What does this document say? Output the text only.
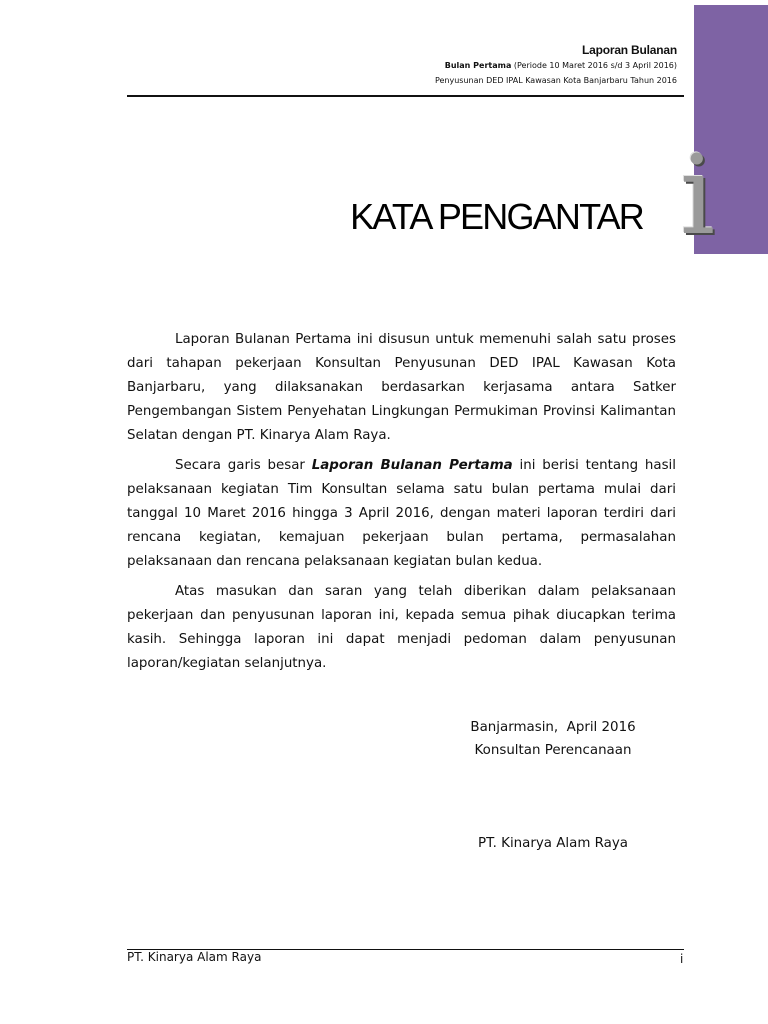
Laporan Bulanan
Bulan Pertama (Periode 10 Maret 2016 s/d 3 April 2016)
Penyusunan DED IPAL Kawasan Kota Banjarbaru Tahun 2016
i
KATA PENGANTAR

Laporan Bulanan Pertama ini disusun untuk memenuhi salah satu proses dari tahapan pekerjaan Konsultan Penyusunan DED IPAL Kawasan Kota Banjarbaru, yang dilaksanakan berdasarkan kerjasama antara Satker Pengembangan Sistem Penyehatan Lingkungan Permukiman Provinsi Kalimantan Selatan dengan PT. Kinarya Alam Raya.

Secara garis besar Laporan Bulanan Pertama ini berisi tentang hasil pelaksanaan kegiatan Tim Konsultan selama satu bulan pertama mulai dari tanggal 10 Maret 2016 hingga 3 April 2016, dengan materi laporan terdiri dari rencana kegiatan, kemajuan pekerjaan bulan pertama, permasalahan pelaksanaan dan rencana pelaksanaan kegiatan bulan kedua.

Atas masukan dan saran yang telah diberikan dalam pelaksanaan pekerjaan dan penyusunan laporan ini, kepada semua pihak diucapkan terima kasih. Sehingga laporan ini dapat menjadi pedoman dalam penyusunan laporan/kegiatan selanjutnya.

Banjarmasin,  April 2016
Konsultan Perencanaan
PT. Kinarya Alam Raya
PT. Kinarya Alam Raya	i
